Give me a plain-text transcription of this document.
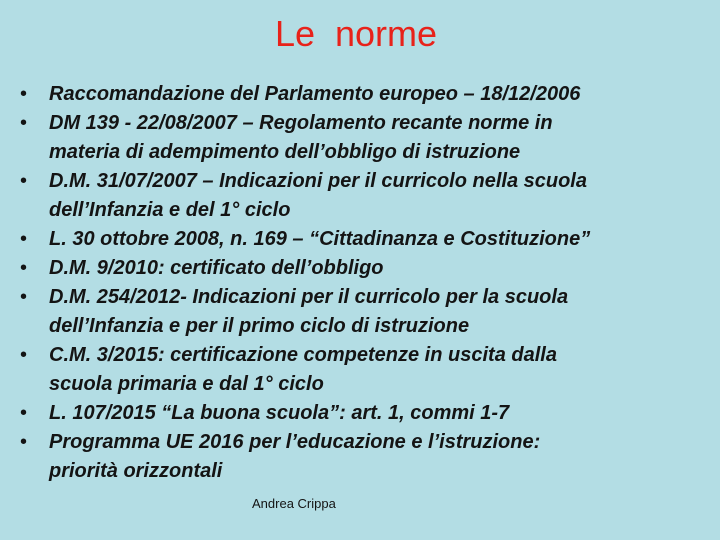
Le  norme
• Raccomandazione del Parlamento europeo – 18/12/2006
• DM 139 - 22/08/2007 – Regolamento recante norme in
materia di adempimento dell’obbligo di istruzione
• D.M. 31/07/2007 – Indicazioni per il curricolo nella scuola
dell’Infanzia e del 1° ciclo
• L. 30 ottobre 2008, n. 169 – “Cittadinanza e Costituzione”
• D.M. 9/2010: certificato dell’obbligo
• D.M. 254/2012- Indicazioni per il curricolo per la scuola
dell’Infanzia e per il primo ciclo di istruzione
• C.M. 3/2015: certificazione competenze in uscita dalla
scuola primaria e dal 1° ciclo
• L. 107/2015 “La buona scuola”: art. 1, commi 1-7
• Programma UE 2016 per l’educazione e l’istruzione:
priorità orizzontali
Andrea Crippa
